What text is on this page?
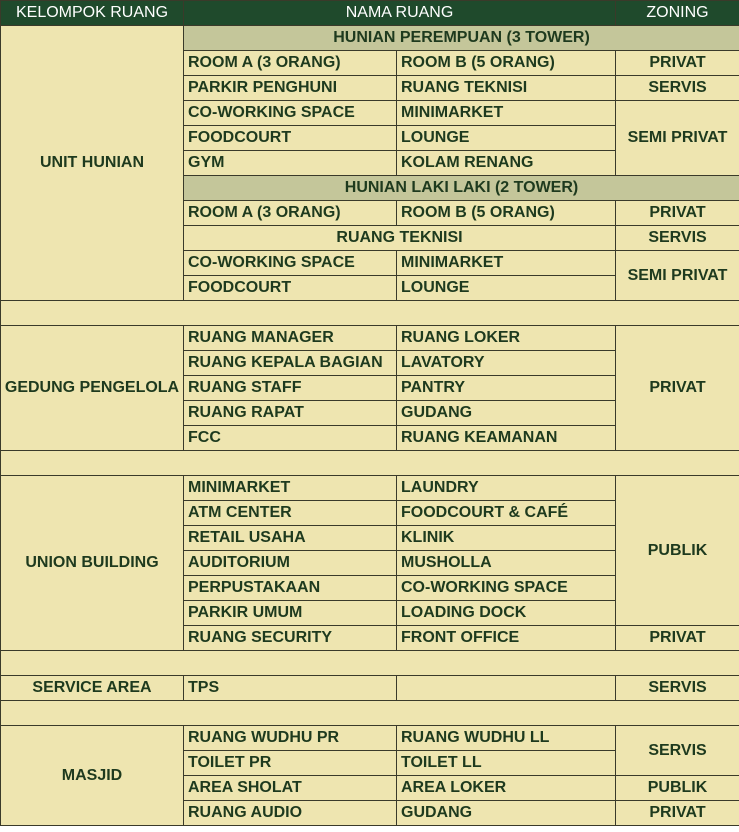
KELOMPOK RUANG	NAMA RUANG		ZONING
UNIT HUNIAN	HUNIAN PEREMPUAN (3 TOWER)		
	ROOM A (3 ORANG)	ROOM B (5 ORANG)	PRIVAT
	PARKIR PENGHUNI	RUANG TEKNISI	SERVIS
	CO-WORKING SPACE	MINIMARKET	SEMI PRIVAT
	FOODCOURT	LOUNGE	
	GYM	KOLAM RENANG	
	HUNIAN LAKI LAKI (2 TOWER)		
	ROOM A (3 ORANG)	ROOM B (5 ORANG)	PRIVAT
	RUANG TEKNISI		SERVIS
	CO-WORKING SPACE	MINIMARKET	SEMI PRIVAT
	FOODCOURT	LOUNGE	

GEDUNG PENGELOLA	RUANG MANAGER	RUANG LOKER	PRIVAT
	RUANG KEPALA BAGIAN	LAVATORY	
	RUANG STAFF	PANTRY	
	RUANG RAPAT	GUDANG	
	FCC	RUANG KEAMANAN	

UNION BUILDING	MINIMARKET	LAUNDRY	PUBLIK
	ATM CENTER	FOODCOURT & CAFÉ	
	RETAIL USAHA	KLINIK	
	AUDITORIUM	MUSHOLLA	
	PERPUSTAKAAN	CO-WORKING SPACE	
	PARKIR UMUM	LOADING DOCK	
	RUANG SECURITY	FRONT OFFICE	PRIVAT

SERVICE AREA	TPS		SERVIS

MASJID	RUANG WUDHU PR	RUANG WUDHU LL	SERVIS
	TOILET PR	TOILET LL	
	AREA SHOLAT	AREA LOKER	PUBLIK
	RUANG AUDIO	GUDANG	PRIVAT
